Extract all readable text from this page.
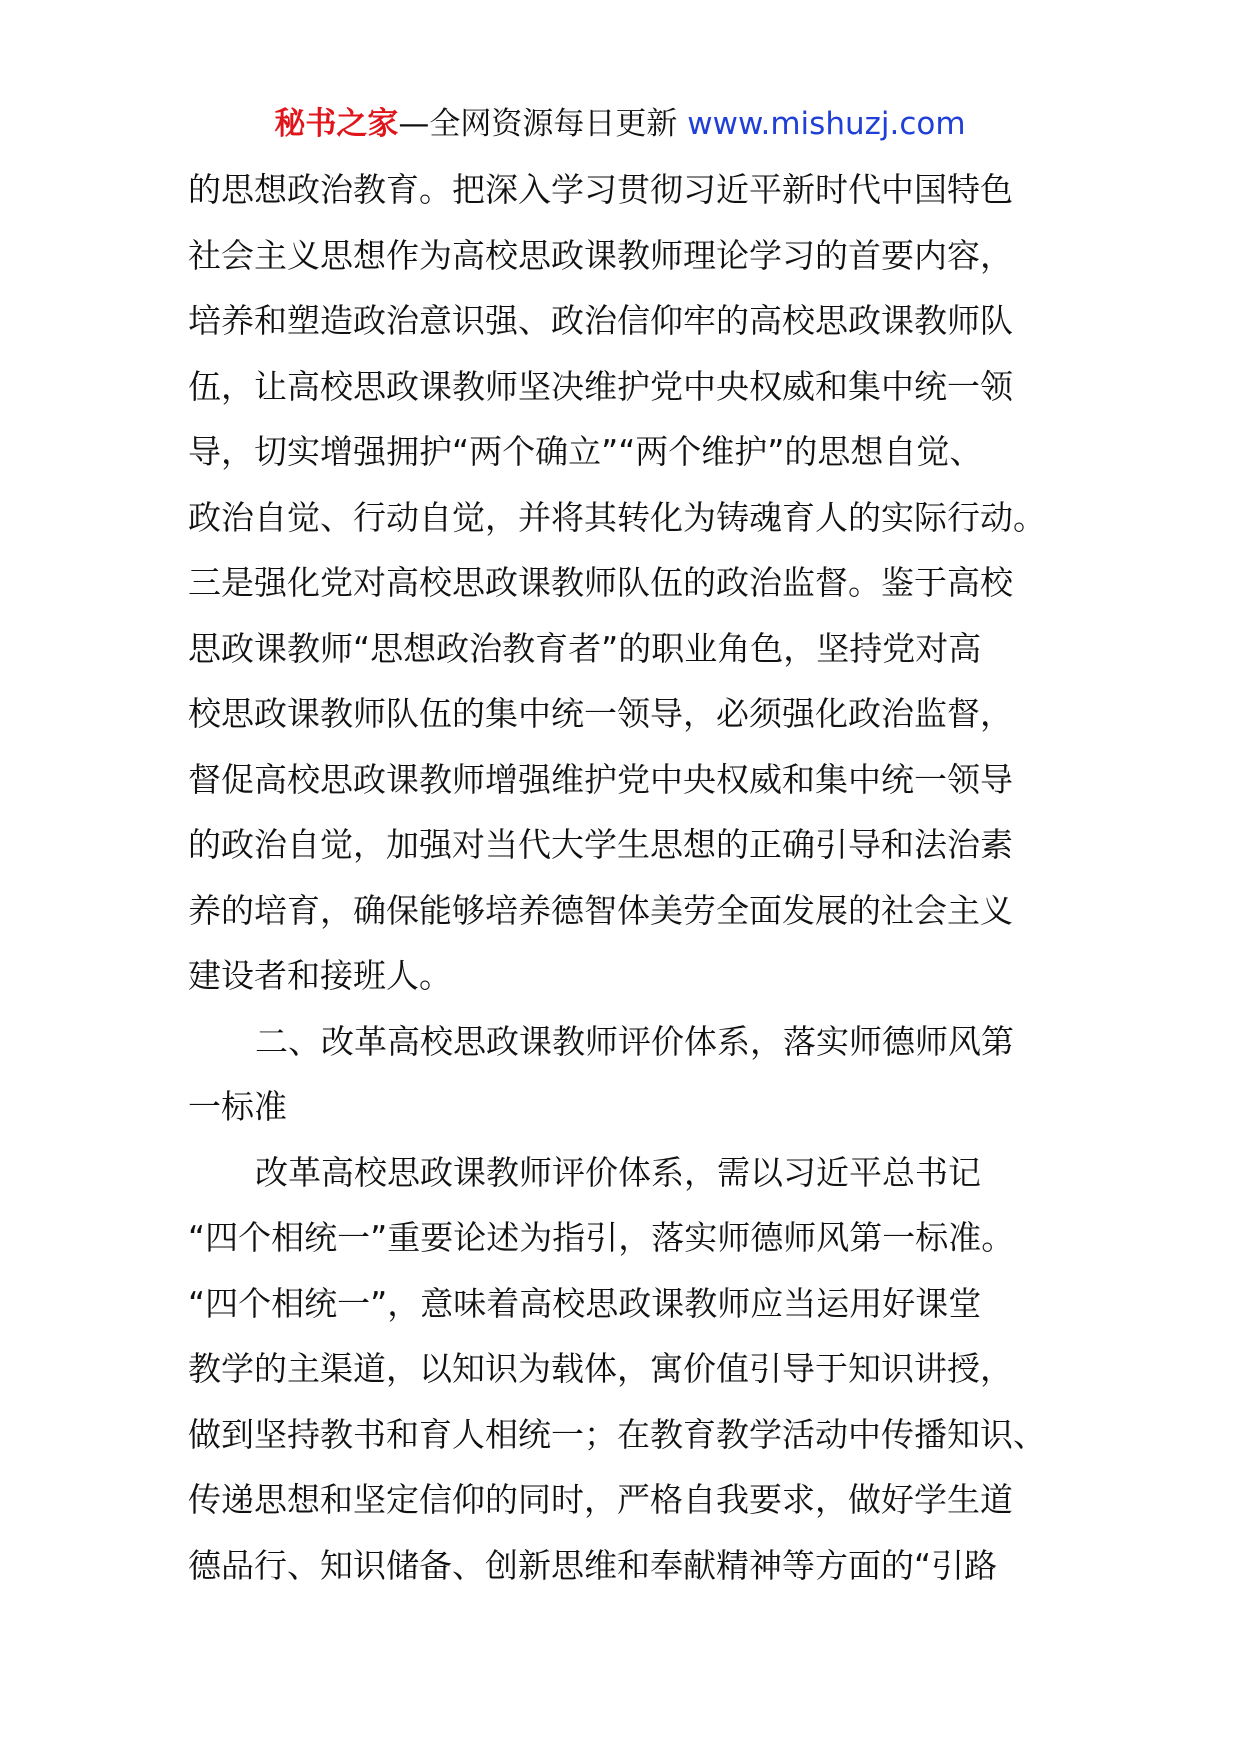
秘书之家—全网资源每日更新 www.mishuzj.com
的思想政治教育。把深入学习贯彻习近平新时代中国特色
社会主义思想作为高校思政课教师理论学习的首要内容，
培养和塑造政治意识强、政治信仰牢的高校思政课教师队
伍，让高校思政课教师坚决维护党中央权威和集中统一领
导，切实增强拥护“两个确立”“两个维护”的思想自觉、
政治自觉、行动自觉，并将其转化为铸魂育人的实际行动。
三是强化党对高校思政课教师队伍的政治监督。鉴于高校
思政课教师“思想政治教育者”的职业角色，坚持党对高
校思政课教师队伍的集中统一领导，必须强化政治监督，
督促高校思政课教师增强维护党中央权威和集中统一领导
的政治自觉，加强对当代大学生思想的正确引导和法治素
养的培育，确保能够培养德智体美劳全面发展的社会主义
建设者和接班人。
二、改革高校思政课教师评价体系，落实师德师风第
一标准
改革高校思政课教师评价体系，需以习近平总书记
“四个相统一”重要论述为指引，落实师德师风第一标准。
“四个相统一”，意味着高校思政课教师应当运用好课堂
教学的主渠道，以知识为载体，寓价值引导于知识讲授，
做到坚持教书和育人相统一；在教育教学活动中传播知识、
传递思想和坚定信仰的同时，严格自我要求，做好学生道
德品行、知识储备、创新思维和奉献精神等方面的“引路
